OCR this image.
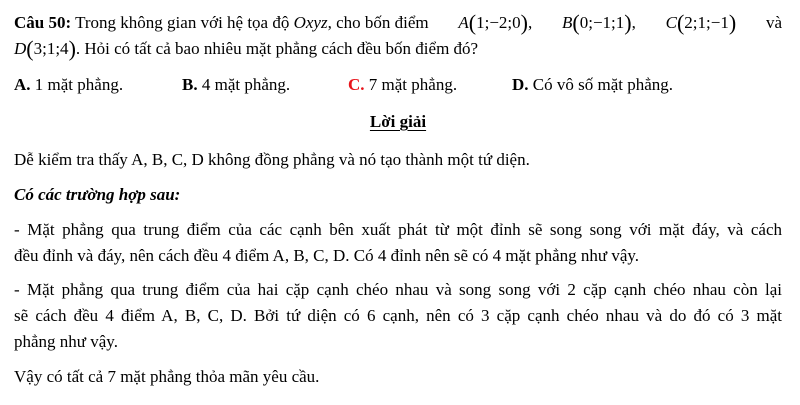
Câu 50: Trong không gian với hệ tọa độ Oxyz, cho bốn điểm A(1;−2;0), B(0;−1;1), C(2;1;−1) và
D(3;1;4). Hỏi có tất cả bao nhiêu mặt phẳng cách đều bốn điểm đó?
A. 1 mặt phẳng.	B. 4 mặt phẳng.	C. 7 mặt phẳng.	D. Có vô số mặt phẳng.
Lời giải
Dễ kiểm tra thấy A, B, C, D không đồng phẳng và nó tạo thành một tứ diện.
Có các trường hợp sau:
- Mặt phẳng qua trung điểm của các cạnh bên xuất phát từ một đỉnh sẽ song song với mặt đáy, và cách
đều đỉnh và đáy, nên cách đều 4 điểm A, B, C, D. Có 4 đỉnh nên sẽ có 4 mặt phẳng như vậy.
- Mặt phẳng qua trung điểm của hai cặp cạnh chéo nhau và song song với 2 cặp cạnh chéo nhau còn lại
sẽ cách đều 4 điểm A, B, C, D. Bởi tứ diện có 6 cạnh, nên có 3 cặp cạnh chéo nhau và do đó có 3 mặt
phẳng như vậy.
Vậy có tất cả 7 mặt phẳng thỏa mãn yêu cầu.
